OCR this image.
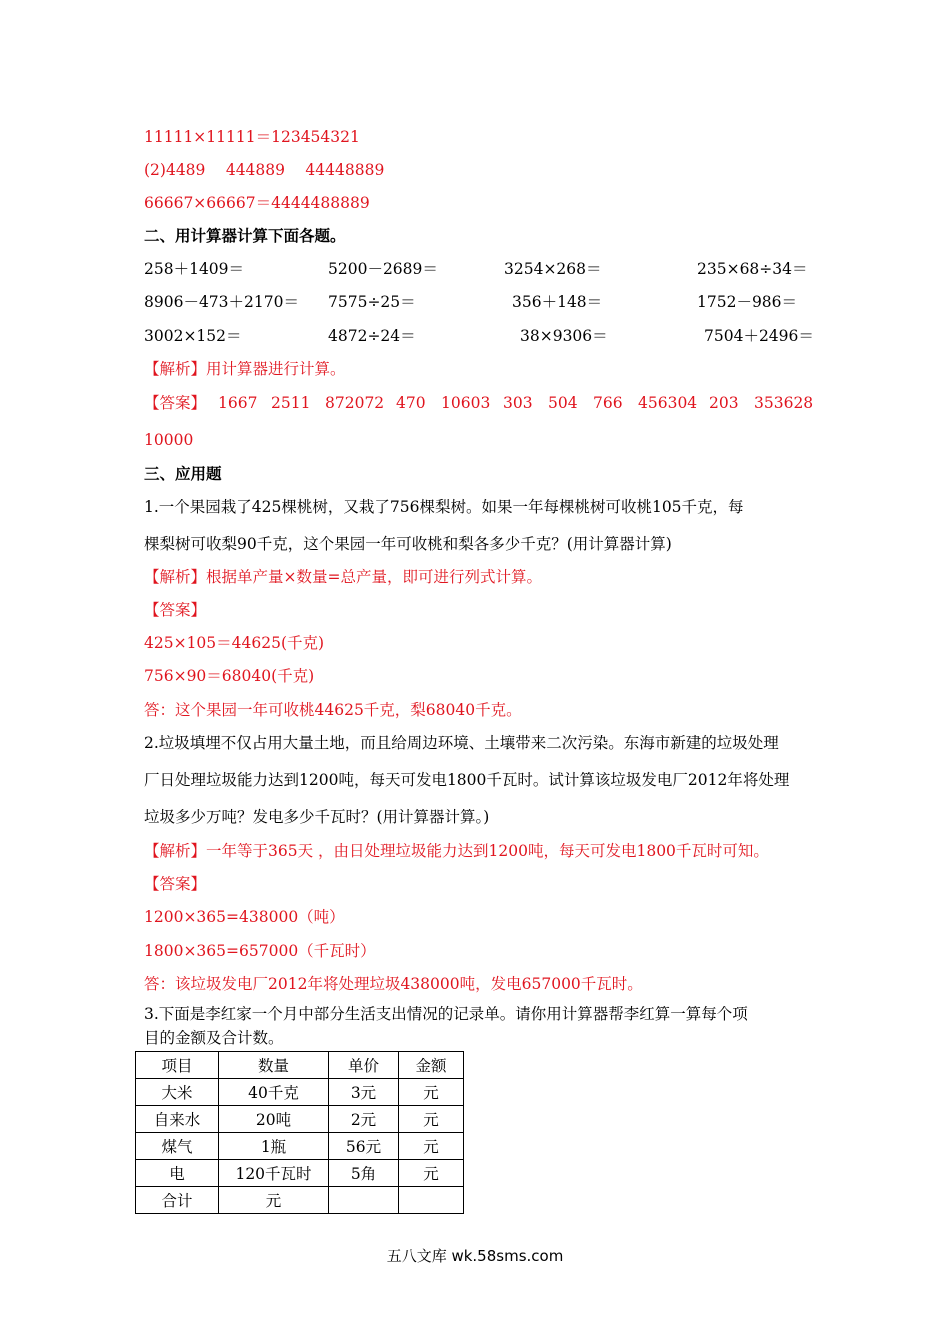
11111×11111＝123454321
(2)4489　 444889　 44448889
66667×66667＝4444488889
二、用计算器计算下面各题。
258＋1409＝	5200－2689＝	3254×268＝	235×68÷34＝
8906－473＋2170＝ 7575÷25＝	356＋148＝	1752－986＝
3002×152＝	4872÷24＝	38×9306＝	7504＋2496＝
【解析】用计算器进行计算。
【答案】 1667 2511 872072 470 10603 303 504 766 456304 203 353628
10000
三、应用题
1.一个果园栽了425棵桃树，又栽了756棵梨树。如果一年每棵桃树可收桃105千克，每
棵梨树可收梨90千克，这个果园一年可收桃和梨各多少千克？(用计算器计算)
【解析】根据单产量×数量=总产量，即可进行列式计算。
【答案】
425×105＝44625(千克)
756×90＝68040(千克)
答：这个果园一年可收桃44625千克，梨68040千克。
2.垃圾填埋不仅占用大量土地，而且给周边环境、土壤带来二次污染。东海市新建的垃圾处理
厂日处理垃圾能力达到1200吨，每天可发电1800千瓦时。试计算该垃圾发电厂2012年将处理
垃圾多少万吨？发电多少千瓦时？(用计算器计算。)
【解析】一年等于365天 ，由日处理垃圾能力达到1200吨，每天可发电1800千瓦时可知。
【答案】
1200×365=438000（吨）
1800×365=657000（千瓦时）
答：该垃圾发电厂2012年将处理垃圾438000吨，发电657000千瓦时。
3.下面是李红家一个月中部分生活支出情况的记录单。请你用计算器帮李红算一算每个项
目的金额及合计数。
项目	数量	单价	金额
大米	40千克	3元	元
自来水	20吨	2元	元
煤气	1瓶	56元	元
电	120千瓦时	5角	元
合计	元		
五八文库 wk.58sms.com
